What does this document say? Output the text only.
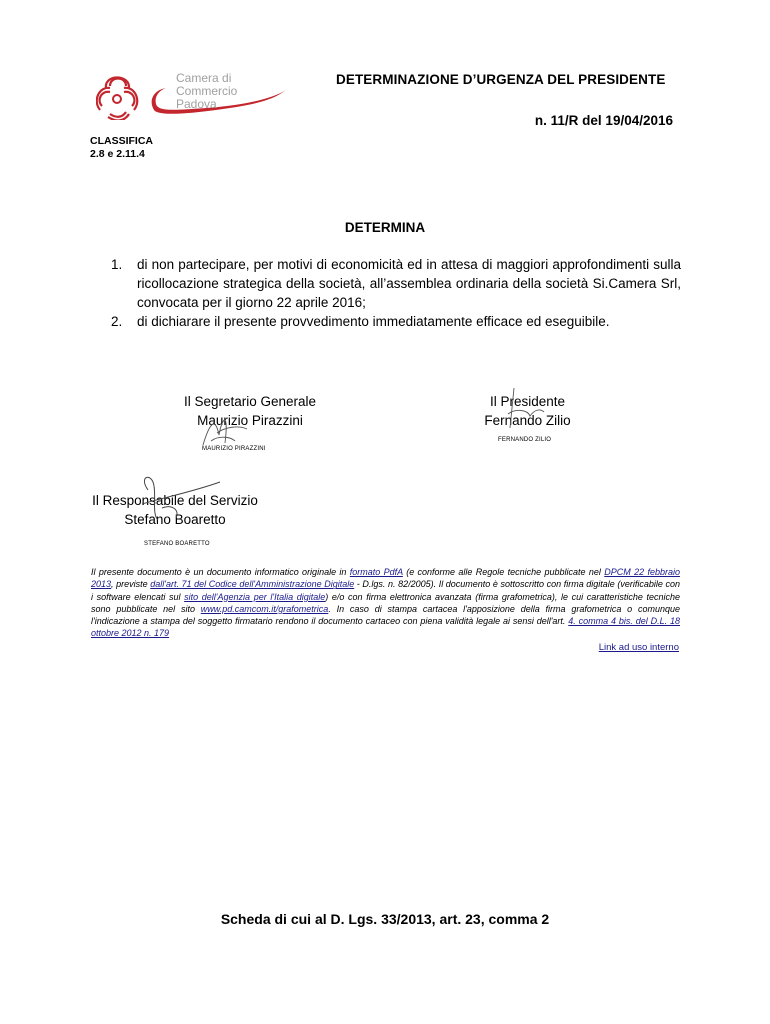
Camera di Commercio
Padova
DETERMINAZIONE D’URGENZA DEL PRESIDENTE
n. 11/R del 19/04/2016
CLASSIFICA
2.8 e 2.11.4
DETERMINA
1.	di non partecipare, per motivi di economicità ed in attesa di maggiori approfondimenti sulla ricollocazione strategica della società, all’assemblea ordinaria della società Si.Camera Srl, convocata per il giorno 22 aprile 2016;
2.	di dichiarare il presente provvedimento immediatamente efficace ed eseguibile.
Il Segretario Generale
Maurizio Pirazzini
MAURIZIO PIRAZZINI
Il Presidente
Fernando Zilio
FERNANDO ZILIO
Il Responsabile del Servizio
Stefano Boaretto
STEFANO BOARETTO
Il presente documento è un documento informatico originale in formato PdfA (e conforme alle Regole tecniche pubblicate nel DPCM 22 febbraio 2013, previste dall'art. 71 del Codice dell'Amministrazione Digitale - D.lgs. n. 82/2005). Il documento è sottoscritto con firma digitale (verificabile con i software elencati sul sito dell'Agenzia per l'Italia digitale) e/o con firma elettronica avanzata (firma grafometrica), le cui caratteristiche tecniche sono pubblicate nel sito www.pd.camcom.it/grafometrica. In caso di stampa cartacea l'apposizione della firma grafometrica o comunque l'indicazione a stampa del soggetto firmatario rendono il documento cartaceo con piena validità legale ai sensi dell'art. 4. comma 4 bis. del D.L. 18 ottobre 2012 n. 179
Link ad uso interno
Scheda di cui al D. Lgs. 33/2013, art. 23, comma 2
